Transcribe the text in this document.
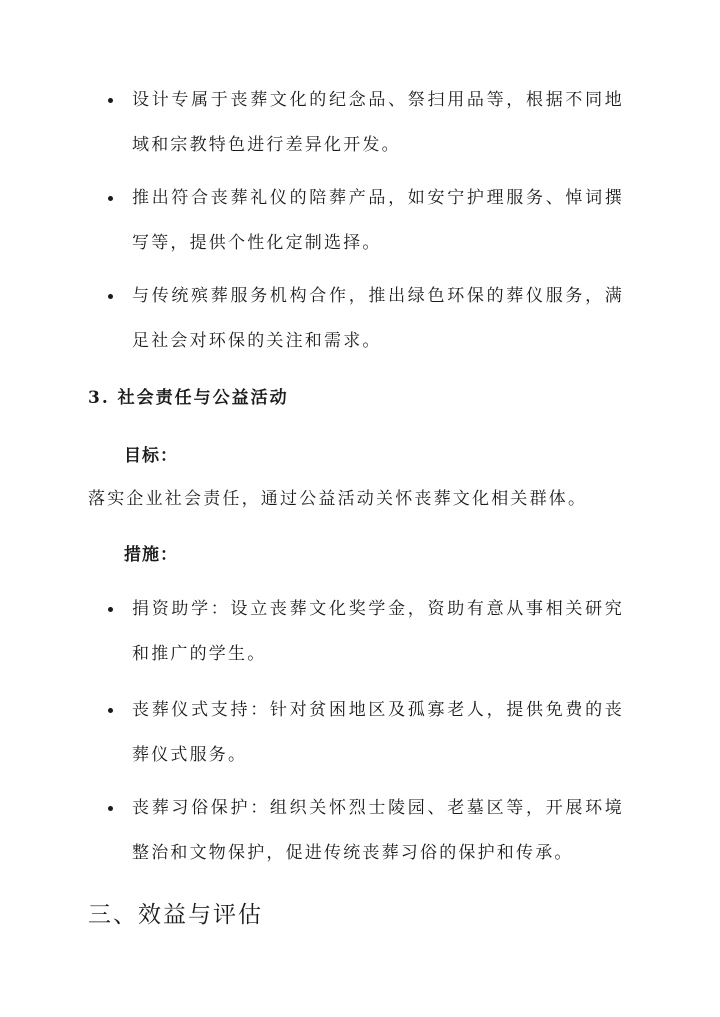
设计专属于丧葬文化的纪念品、祭扫用品等，根据不同地域和宗教特色进行差异化开发。
推出符合丧葬礼仪的陪葬产品，如安宁护理服务、悼词撰写等，提供个性化定制选择。
与传统殡葬服务机构合作，推出绿色环保的葬仪服务，满足社会对环保的关注和需求。
3. 社会责任与公益活动
目标：
落实企业社会责任，通过公益活动关怀丧葬文化相关群体。
措施：
捐资助学：设立丧葬文化奖学金，资助有意从事相关研究和推广的学生。
丧葬仪式支持：针对贫困地区及孤寡老人，提供免费的丧葬仪式服务。
丧葬习俗保护：组织关怀烈士陵园、老墓区等，开展环境整治和文物保护，促进传统丧葬习俗的保护和传承。
三、效益与评估
